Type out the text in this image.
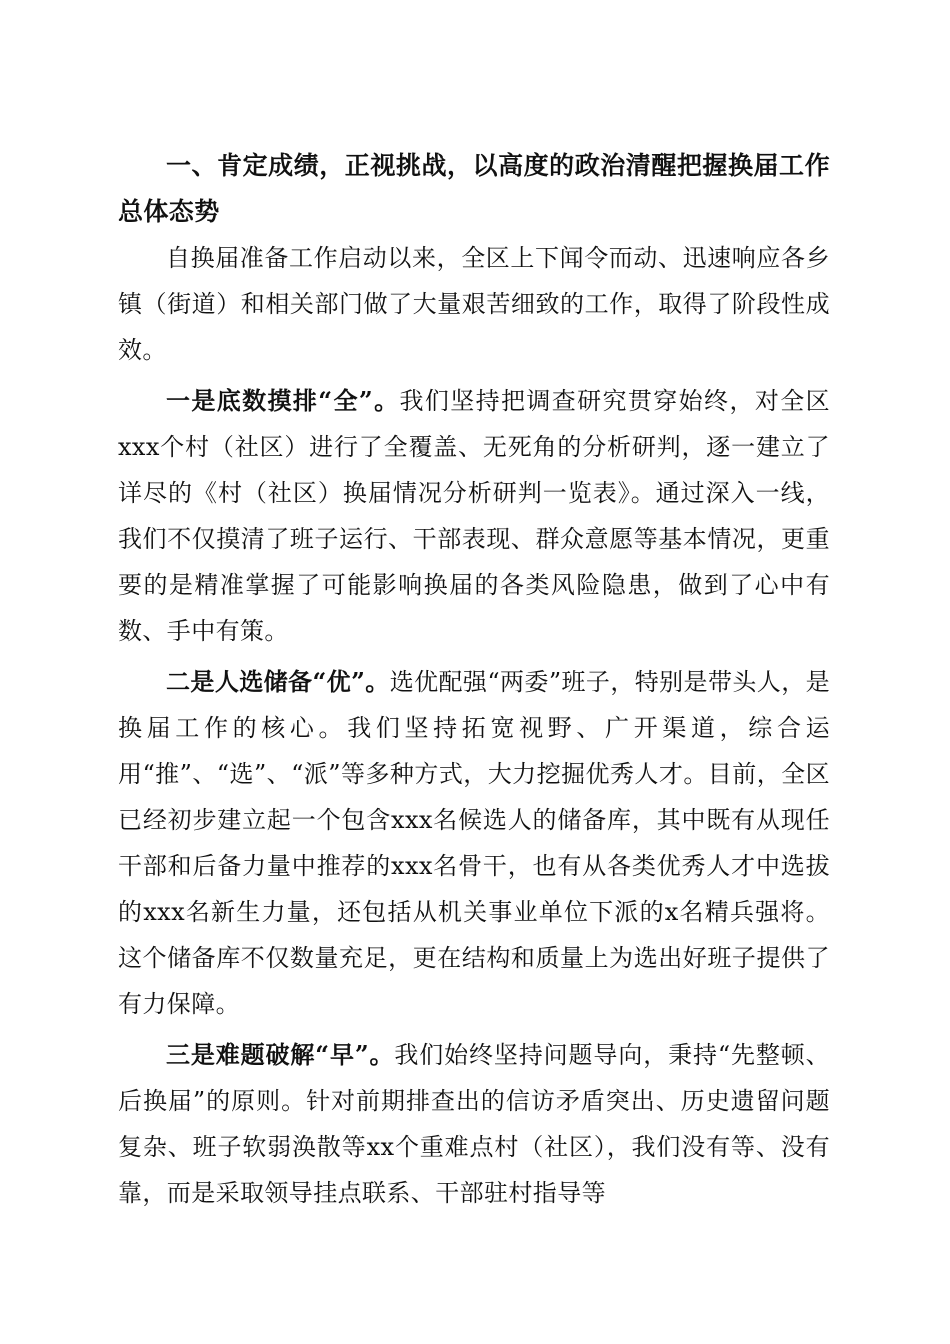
一、肯定成绩，正视挑战，以高度的政治清醒把握换届工作总体态势

自换届准备工作启动以来，全区上下闻令而动、迅速响应各乡镇（街道）和相关部门做了大量艰苦细致的工作，取得了阶段性成效。

一是底数摸排“全”。我们坚持把调查研究贯穿始终，对全区xxx个村（社区）进行了全覆盖、无死角的分析研判，逐一建立了详尽的《村（社区）换届情况分析研判一览表》。通过深入一线，我们不仅摸清了班子运行、干部表现、群众意愿等基本情况，更重要的是精准掌握了可能影响换届的各类风险隐患，做到了心中有数、手中有策。

二是人选储备“优”。选优配强“两委”班子，特别是带头人，是换届工作的核心。我们坚持拓宽视野、广开渠道，综合运用“推”、“选”、“派”等多种方式，大力挖掘优秀人才。目前，全区已经初步建立起一个包含xxx名候选人的储备库，其中既有从现任干部和后备力量中推荐的xxx名骨干，也有从各类优秀人才中选拔的xxx名新生力量，还包括从机关事业单位下派的x名精兵强将。这个储备库不仅数量充足，更在结构和质量上为选出好班子提供了有力保障。

三是难题破解“早”。我们始终坚持问题导向，秉持“先整顿、后换届”的原则。针对前期排查出的信访矛盾突出、历史遗留问题复杂、班子软弱涣散等xx个重难点村（社区），我们没有等、没有靠，而是采取领导挂点联系、干部驻村指导等
